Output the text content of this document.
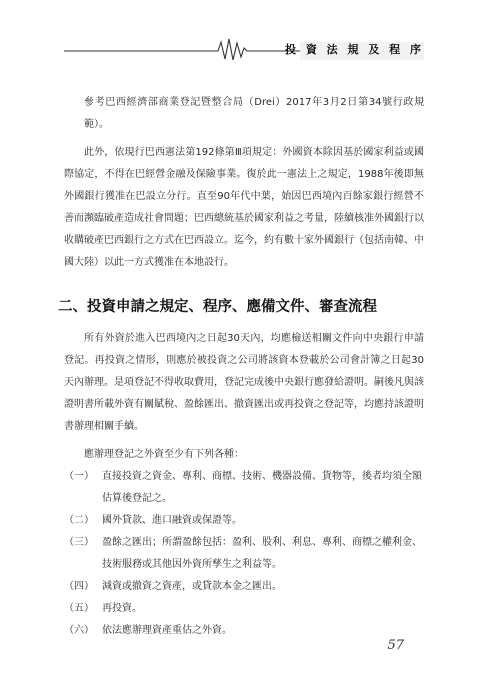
投 資 法 規 及 程 序

參考巴西經濟部商業登記暨整合局（Drei）2017年3月2日第34號行政規範）。

此外，依現行巴西憲法第192條第Ⅲ項規定：外國資本除因基於國家利益或國際協定，不得在巴經營金融及保險事業。復於此一憲法上之規定，1988年後即無外國銀行獲准在巴設立分行。直至90年代中葉，始因巴西境內百餘家銀行經營不善而瀕臨破產造成社會問題；巴西總統基於國家利益之考量，陸續核准外國銀行以收購破產巴西銀行之方式在巴西設立。迄今，約有數十家外國銀行（包括南韓、中國大陸）以此一方式獲准在本地設行。

二、投資申請之規定、程序、應備文件、審查流程

所有外資於進入巴西境內之日起30天內，均應檢送相關文件向中央銀行申請登記。再投資之情形，則應於被投資之公司將該資本登載於公司會計簿之日起30天內辦理。是項登記不得收取費用，登記完成後中央銀行應發給證明。嗣後凡與該證明書所載外資有關賦稅、盈餘匯出、撤資匯出或再投資之登記等，均應持該證明書辦理相關手續。

應辦理登記之外資至少有下列各種：

（一） 直接投資之資金、專利、商標、技術、機器設備、貨物等，後者均須全額估算後登記之。
（二） 國外貸款、進口融資或保證等。
（三） 盈餘之匯出；所謂盈餘包括：盈利、股利、利息、專利、商標之權利金、技術服務或其他因外資所孳生之利益等。
（四） 減資或撤資之資產，或貸款本金之匯出。
（五） 再投資。
（六） 依法應辦理資產重估之外資。
57
